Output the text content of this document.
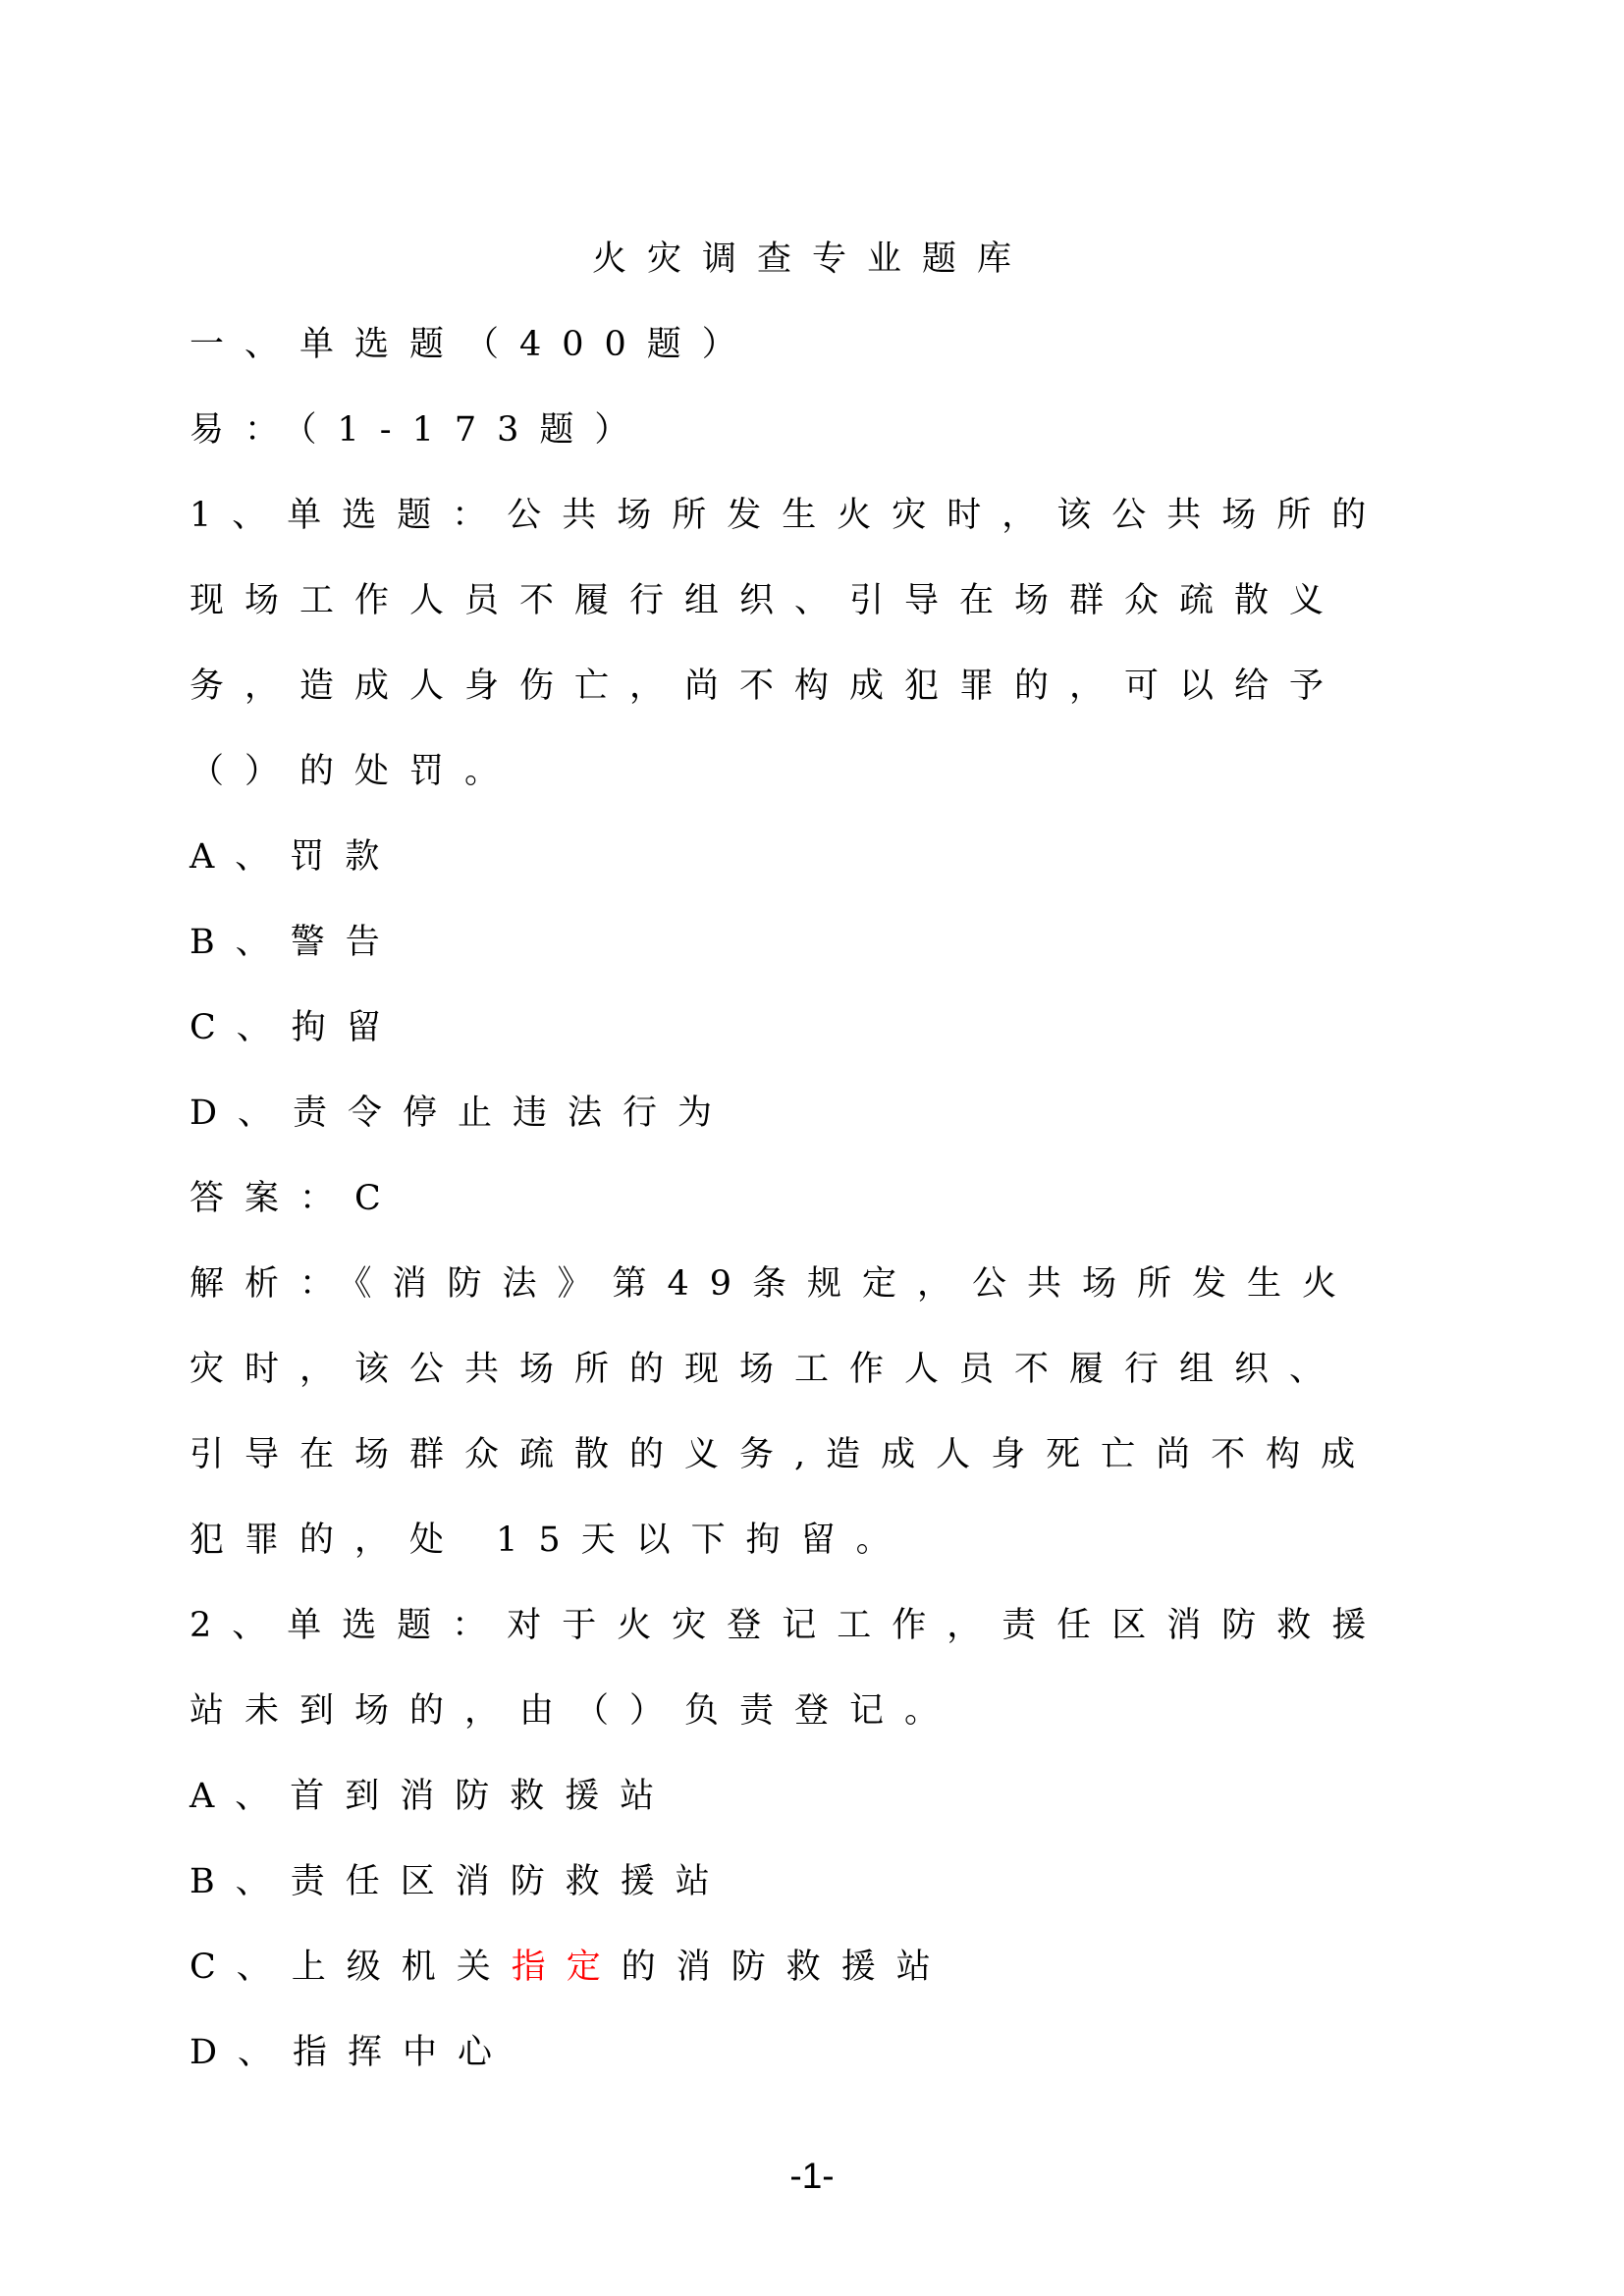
火灾调查专业题库
一、单选题（400题）
易：（1-173题）
1、单选题：公共场所发生火灾时，该公共场所的
现场工作人员不履行组织、引导在场群众疏散义
务，造成人身伤亡，尚不构成犯罪的，可以给予
（）的处罚。
A、罚款
B、警告
C、拘留
D、责令停止违法行为
答案：C
解析：《消防法》第49条规定，公共场所发生火
灾时，该公共场所的现场工作人员不履行组织、
引导在场群众疏散的义务,造成人身死亡尚不构成
犯罪的，处 15天以下拘留。
2、单选题：对于火灾登记工作，责任区消防救援
站未到场的，由（）负责登记。
A、首到消防救援站
B、责任区消防救援站
C、上级机关指定的消防救援站
D、指挥中心
-1-
